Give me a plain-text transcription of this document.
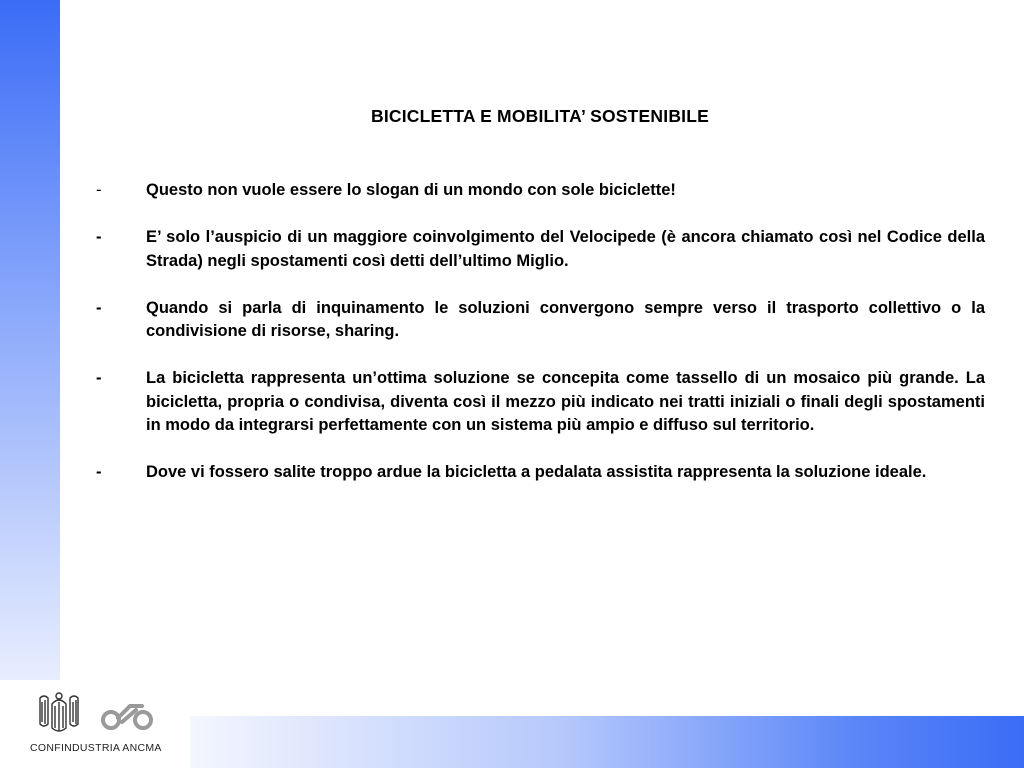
BICICLETTA E MOBILITA’ SOSTENIBILE
-	Questo non vuole essere lo slogan di un mondo con sole biciclette!
-	E’ solo l’auspicio di un maggiore coinvolgimento del Velocipede (è ancora chiamato così nel Codice della Strada) negli spostamenti così detti dell’ultimo Miglio.
-	Quando si parla di inquinamento le soluzioni convergono sempre verso il trasporto collettivo o la condivisione di risorse, sharing.
-	La bicicletta rappresenta un’ottima soluzione se concepita come tassello di un mosaico più grande. La bicicletta, propria o condivisa, diventa così il mezzo più indicato nei tratti iniziali o finali degli spostamenti in modo da integrarsi perfettamente con un sistema più ampio e diffuso sul territorio.
-	Dove vi fossero salite troppo ardue la bicicletta a pedalata assistita rappresenta la soluzione ideale.
CONFINDUSTRIA ANCMA
